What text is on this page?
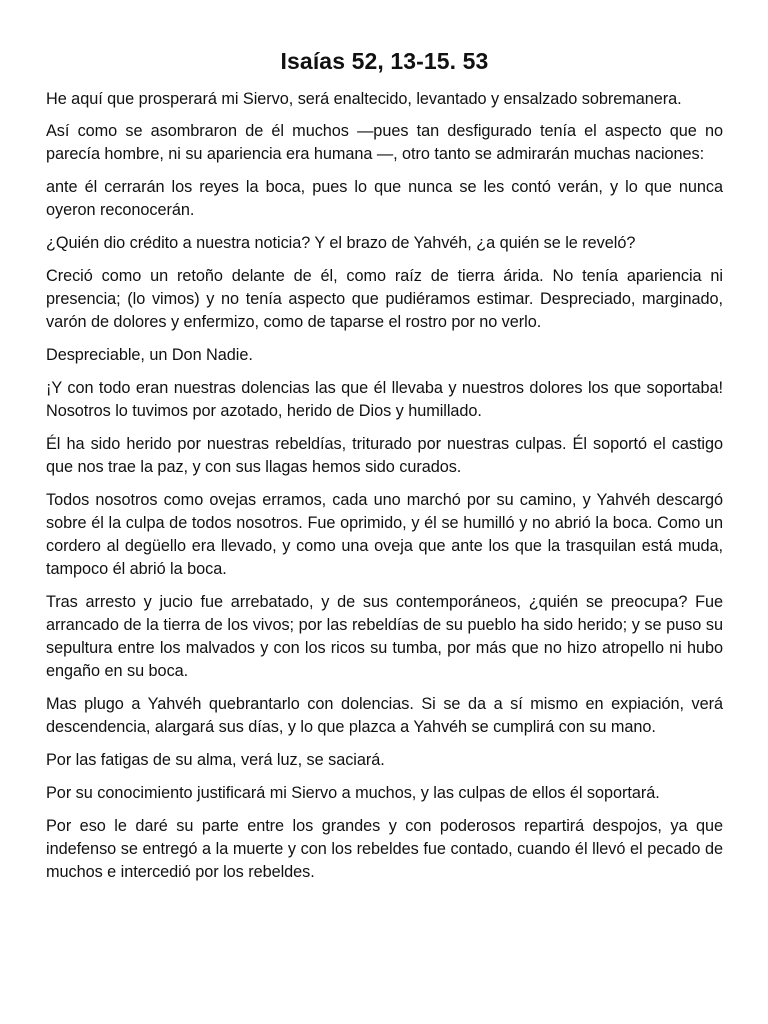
Isaías 52, 13-15. 53

He aquí que prosperará mi Siervo, será enaltecido, levantado y ensalzado sobremanera.

Así como se asombraron de él muchos —pues tan desfigurado tenía el aspecto que no parecía hombre, ni su apariencia era humana —, otro tanto se admirarán muchas naciones:

ante él cerrarán los reyes la boca, pues lo que nunca se les contó verán, y lo que nunca oyeron reconocerán.

¿Quién dio crédito a nuestra noticia? Y el brazo de Yahvéh, ¿a quién se le reveló?

Creció como un retoño delante de él, como raíz de tierra árida. No tenía apariencia ni presencia; (lo vimos) y no tenía aspecto que pudiéramos estimar. Despreciado, marginado, varón de dolores y enfermizo, como de taparse el rostro por no verlo.

Despreciable, un Don Nadie.

¡Y con todo eran nuestras dolencias las que él llevaba y nuestros dolores los que soportaba! Nosotros lo tuvimos por azotado, herido de Dios y humillado.

Él ha sido herido por nuestras rebeldías, triturado por nuestras culpas. Él soportó el castigo que nos trae la paz, y con sus llagas hemos sido curados.

Todos nosotros como ovejas erramos, cada uno marchó por su camino, y Yahvéh descargó sobre él la culpa de todos nosotros. Fue oprimido, y él se humilló y no abrió la boca. Como un cordero al degüello era llevado, y como una oveja que ante los que la trasquilan está muda, tampoco él abrió la boca.

Tras arresto y jucio fue arrebatado, y de sus contemporáneos, ¿quién se preocupa? Fue arrancado de la tierra de los vivos; por las rebeldías de su pueblo ha sido herido; y se puso su sepultura entre los malvados y con los ricos su tumba, por más que no hizo atropello ni hubo engaño en su boca.

Mas plugo a Yahvéh quebrantarlo con dolencias. Si se da a sí mismo en expiación, verá descendencia, alargará sus días, y lo que plazca a Yahvéh se cumplirá con su mano.

Por las fatigas de su alma, verá luz, se saciará.

Por su conocimiento justificará mi Siervo a muchos, y las culpas de ellos él soportará.

Por eso le daré su parte entre los grandes y con poderosos repartirá despojos, ya que indefenso se entregó a la muerte y con los rebeldes fue contado, cuando él llevó el pecado de muchos e intercedió por los rebeldes.
